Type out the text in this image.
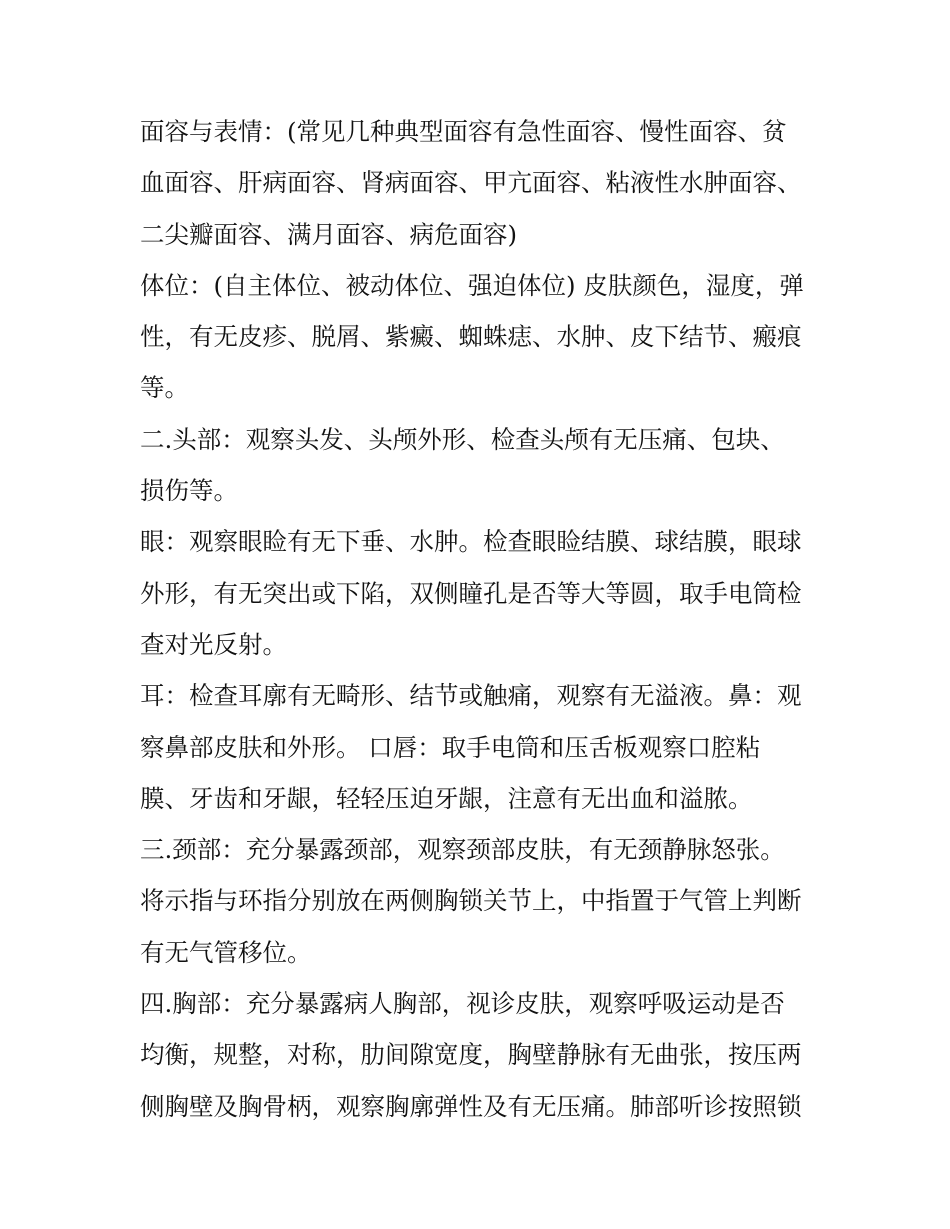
面容与表情：(常见几种典型面容有急性面容、慢性面容、贫
血面容、肝病面容、肾病面容、甲亢面容、粘液性水肿面容、
二尖瓣面容、满月面容、病危面容)
体位：(自主体位、被动体位、强迫体位) 皮肤颜色，湿度，弹
性，有无皮疹、脱屑、紫癜、蜘蛛痣、水肿、皮下结节、瘢痕
等。
二.头部：观察头发、头颅外形、检查头颅有无压痛、包块、
损伤等。
眼：观察眼睑有无下垂、水肿。检查眼睑结膜、球结膜，眼球
外形，有无突出或下陷，双侧瞳孔是否等大等圆，取手电筒检
查对光反射。
耳：检查耳廓有无畸形、结节或触痛，观察有无溢液。鼻：观
察鼻部皮肤和外形。 口唇：取手电筒和压舌板观察口腔粘
膜、牙齿和牙龈，轻轻压迫牙龈，注意有无出血和溢脓。
三.颈部：充分暴露颈部，观察颈部皮肤，有无颈静脉怒张。
将示指与环指分别放在两侧胸锁关节上，中指置于气管上判断
有无气管移位。
四.胸部：充分暴露病人胸部，视诊皮肤，观察呼吸运动是否
均衡，规整，对称，肋间隙宽度，胸壁静脉有无曲张，按压两
侧胸壁及胸骨柄，观察胸廓弹性及有无压痛。肺部听诊按照锁
